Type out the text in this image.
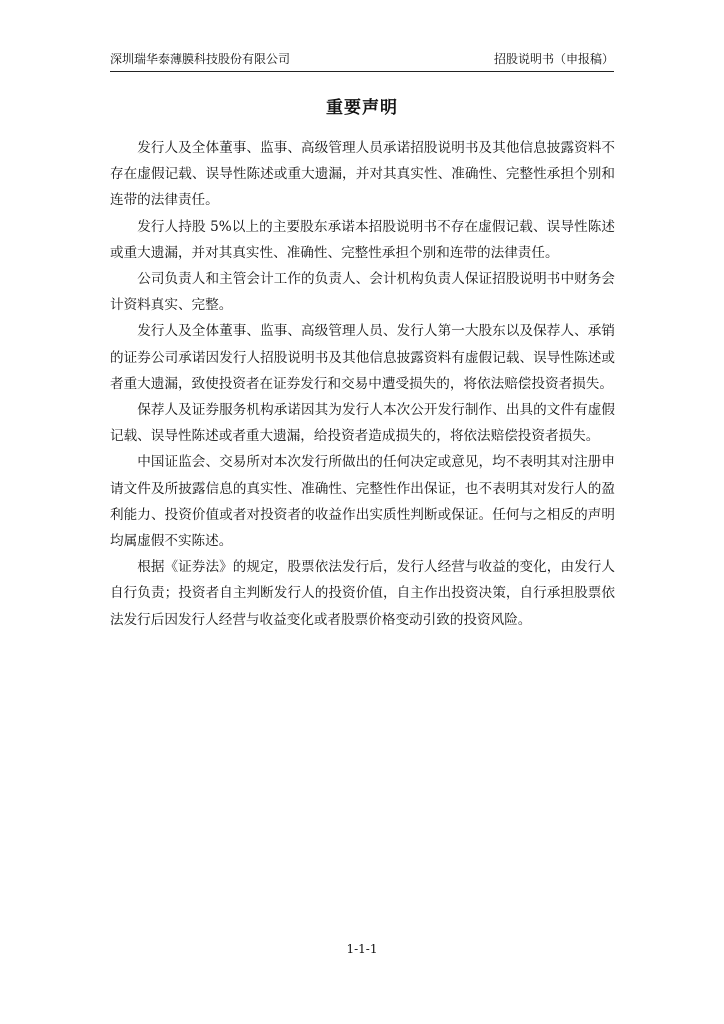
深圳瑞华泰薄膜科技股份有限公司	招股说明书（申报稿）
重要声明

发行人及全体董事、监事、高级管理人员承诺招股说明书及其他信息披露资料不存在虚假记载、误导性陈述或重大遗漏，并对其真实性、准确性、完整性承担个别和连带的法律责任。

发行人持股 5%以上的主要股东承诺本招股说明书不存在虚假记载、误导性陈述或重大遗漏，并对其真实性、准确性、完整性承担个别和连带的法律责任。

公司负责人和主管会计工作的负责人、会计机构负责人保证招股说明书中财务会计资料真实、完整。

发行人及全体董事、监事、高级管理人员、发行人第一大股东以及保荐人、承销的证券公司承诺因发行人招股说明书及其他信息披露资料有虚假记载、误导性陈述或者重大遗漏，致使投资者在证券发行和交易中遭受损失的，将依法赔偿投资者损失。

保荐人及证券服务机构承诺因其为发行人本次公开发行制作、出具的文件有虚假记载、误导性陈述或者重大遗漏，给投资者造成损失的，将依法赔偿投资者损失。

中国证监会、交易所对本次发行所做出的任何决定或意见，均不表明其对注册申请文件及所披露信息的真实性、准确性、完整性作出保证，也不表明其对发行人的盈利能力、投资价值或者对投资者的收益作出实质性判断或保证。任何与之相反的声明均属虚假不实陈述。

根据《证券法》的规定，股票依法发行后，发行人经营与收益的变化，由发行人自行负责；投资者自主判断发行人的投资价值，自主作出投资决策，自行承担股票依法发行后因发行人经营与收益变化或者股票价格变动引致的投资风险。

1-1-1
